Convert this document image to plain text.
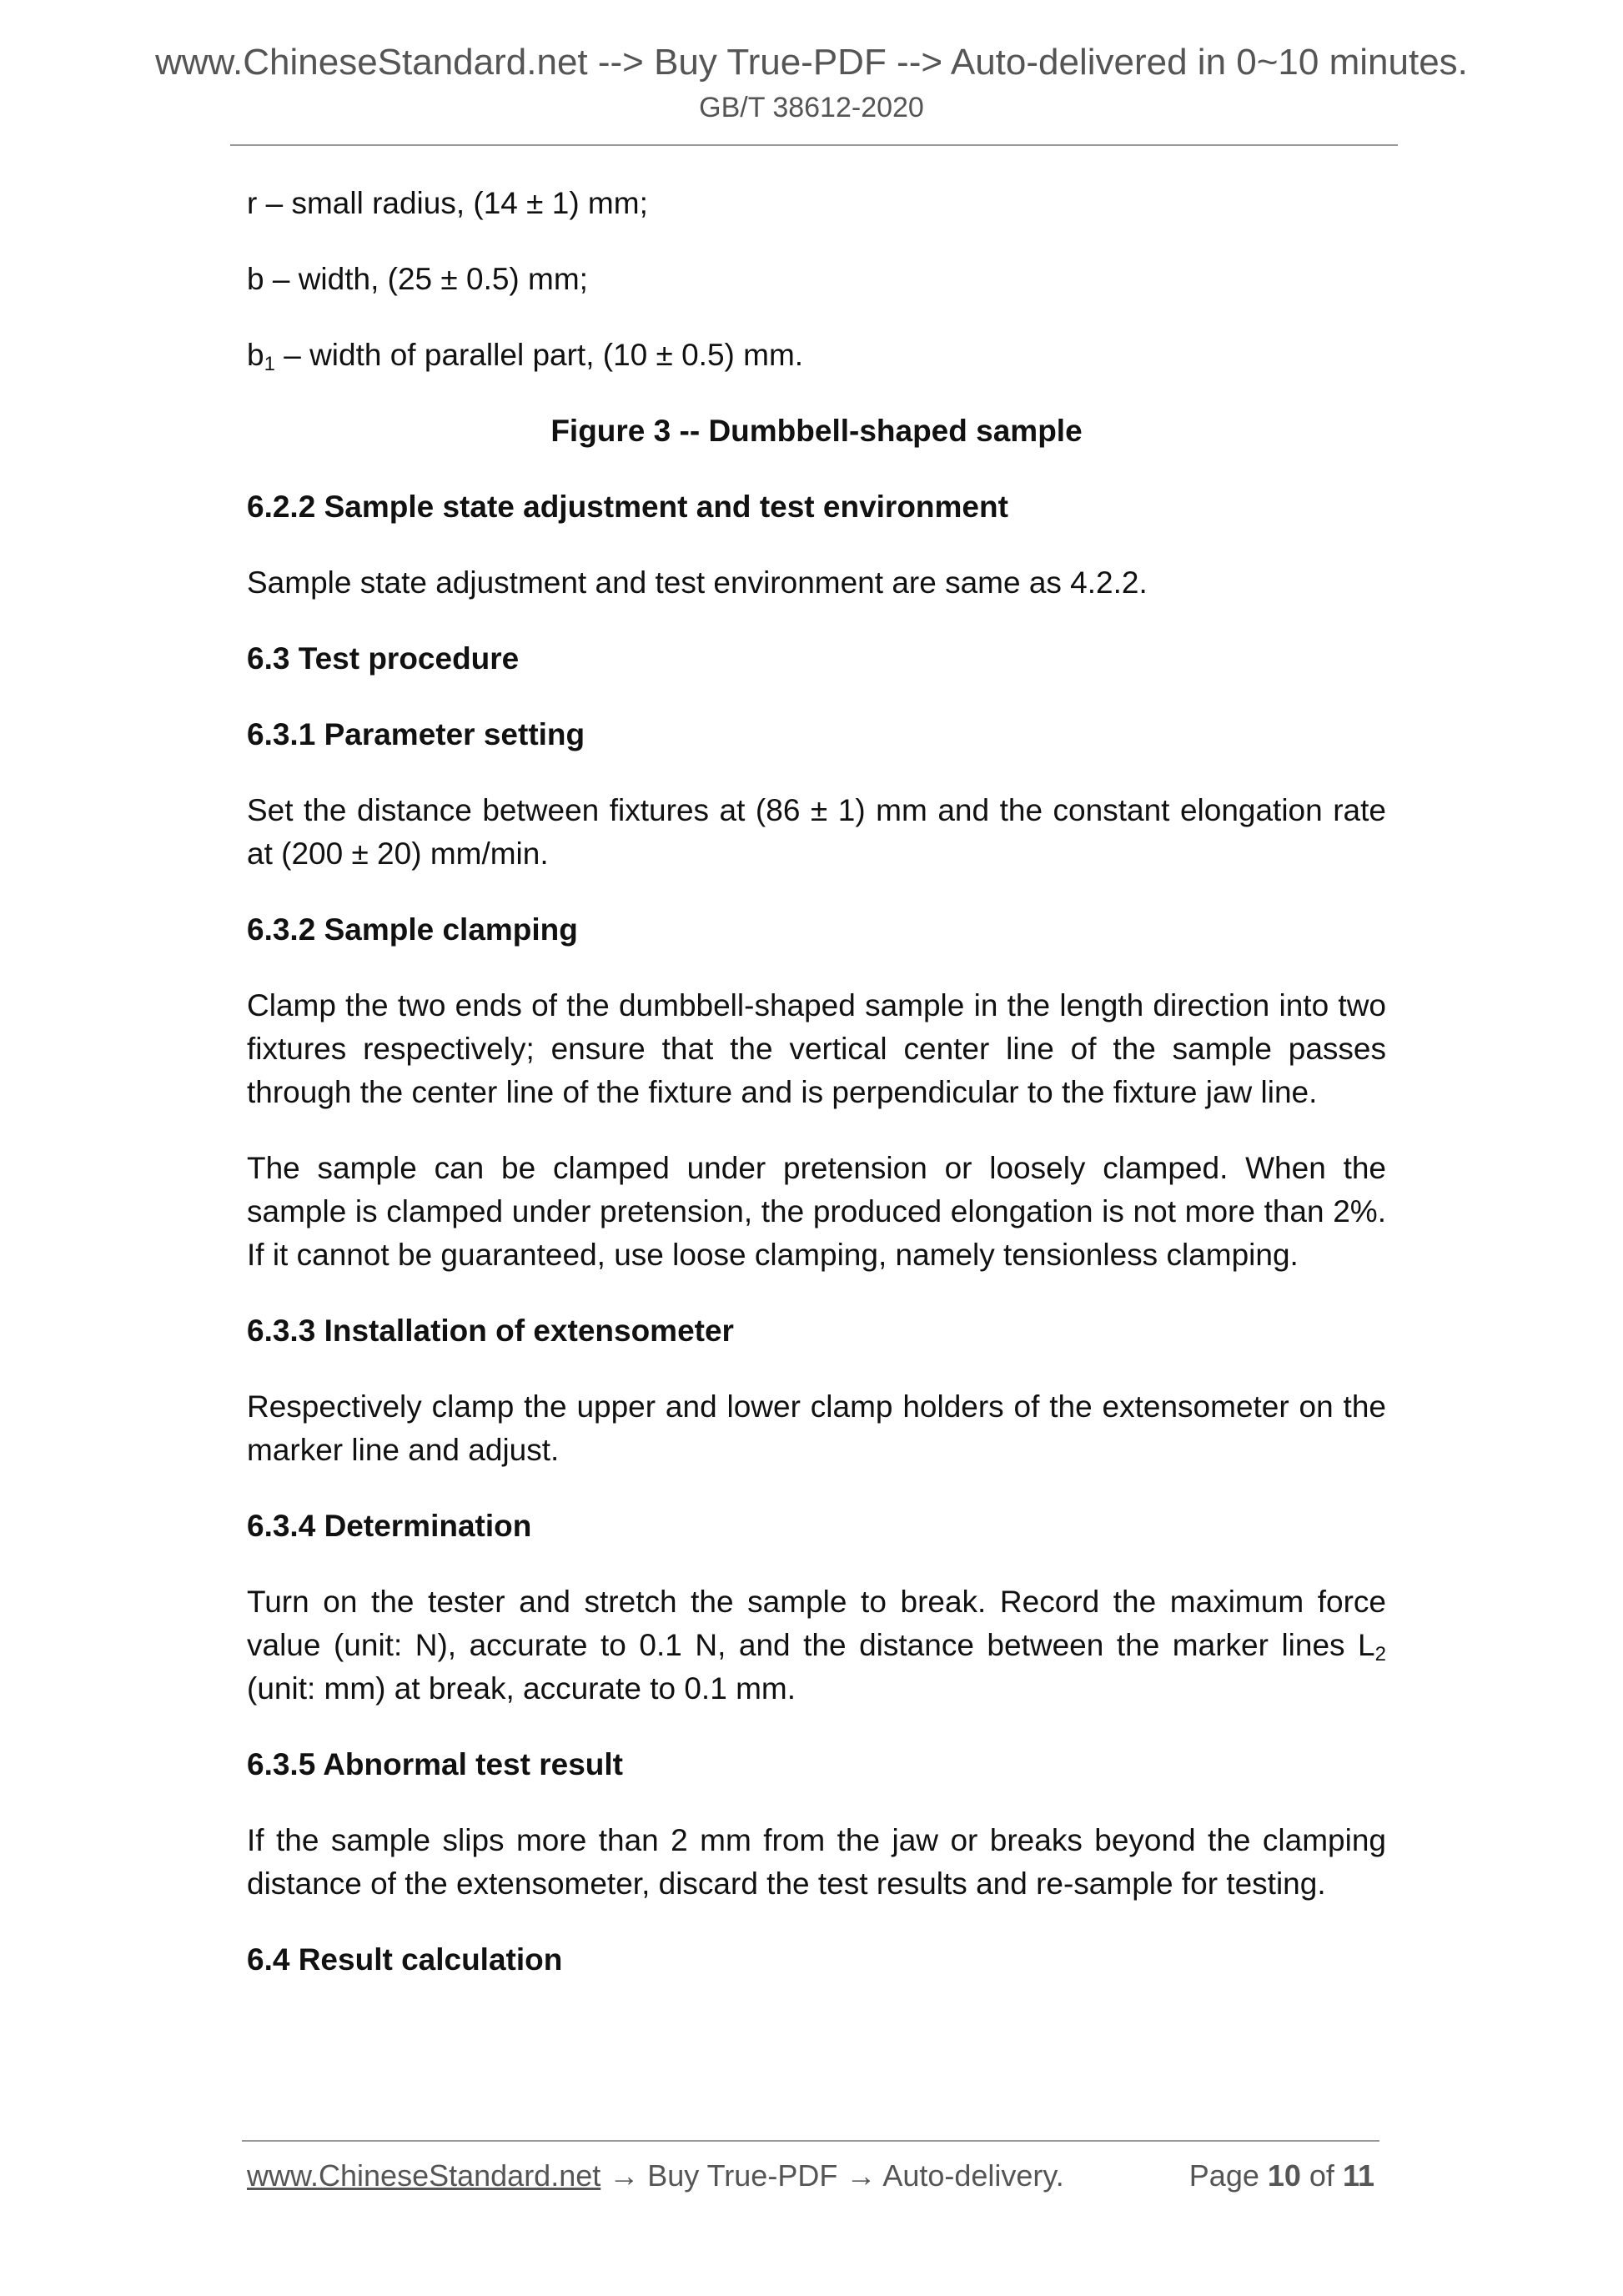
www.ChineseStandard.net --> Buy True-PDF --> Auto-delivered in 0~10 minutes.
GB/T 38612-2020

r – small radius, (14 ± 1) mm;

b – width, (25 ± 0.5) mm;

$b_1$ – width of parallel part, (10 ± 0.5) mm.

Figure 3 -- Dumbbell-shaped sample

6.2.2 Sample state adjustment and test environment

Sample state adjustment and test environment are same as 4.2.2.

6.3 Test procedure

6.3.1 Parameter setting

Set the distance between fixtures at (86 ± 1) mm and the constant elongation rate at (200 ± 20) mm/min.

6.3.2 Sample clamping

Clamp the two ends of the dumbbell-shaped sample in the length direction into two fixtures respectively; ensure that the vertical center line of the sample passes through the center line of the fixture and is perpendicular to the fixture jaw line.

The sample can be clamped under pretension or loosely clamped. When the sample is clamped under pretension, the produced elongation is not more than 2%. If it cannot be guaranteed, use loose clamping, namely tensionless clamping.

6.3.3 Installation of extensometer

Respectively clamp the upper and lower clamp holders of the extensometer on the marker line and adjust.

6.3.4 Determination

Turn on the tester and stretch the sample to break. Record the maximum force value (unit: N), accurate to 0.1 N, and the distance between the marker lines $L_2$ (unit: mm) at break, accurate to 0.1 mm.

6.3.5 Abnormal test result

If the sample slips more than 2 mm from the jaw or breaks beyond the clamping distance of the extensometer, discard the test results and re-sample for testing.

6.4 Result calculation

www.ChineseStandard.net → Buy True-PDF → Auto-delivery.	Page 10 of 11
